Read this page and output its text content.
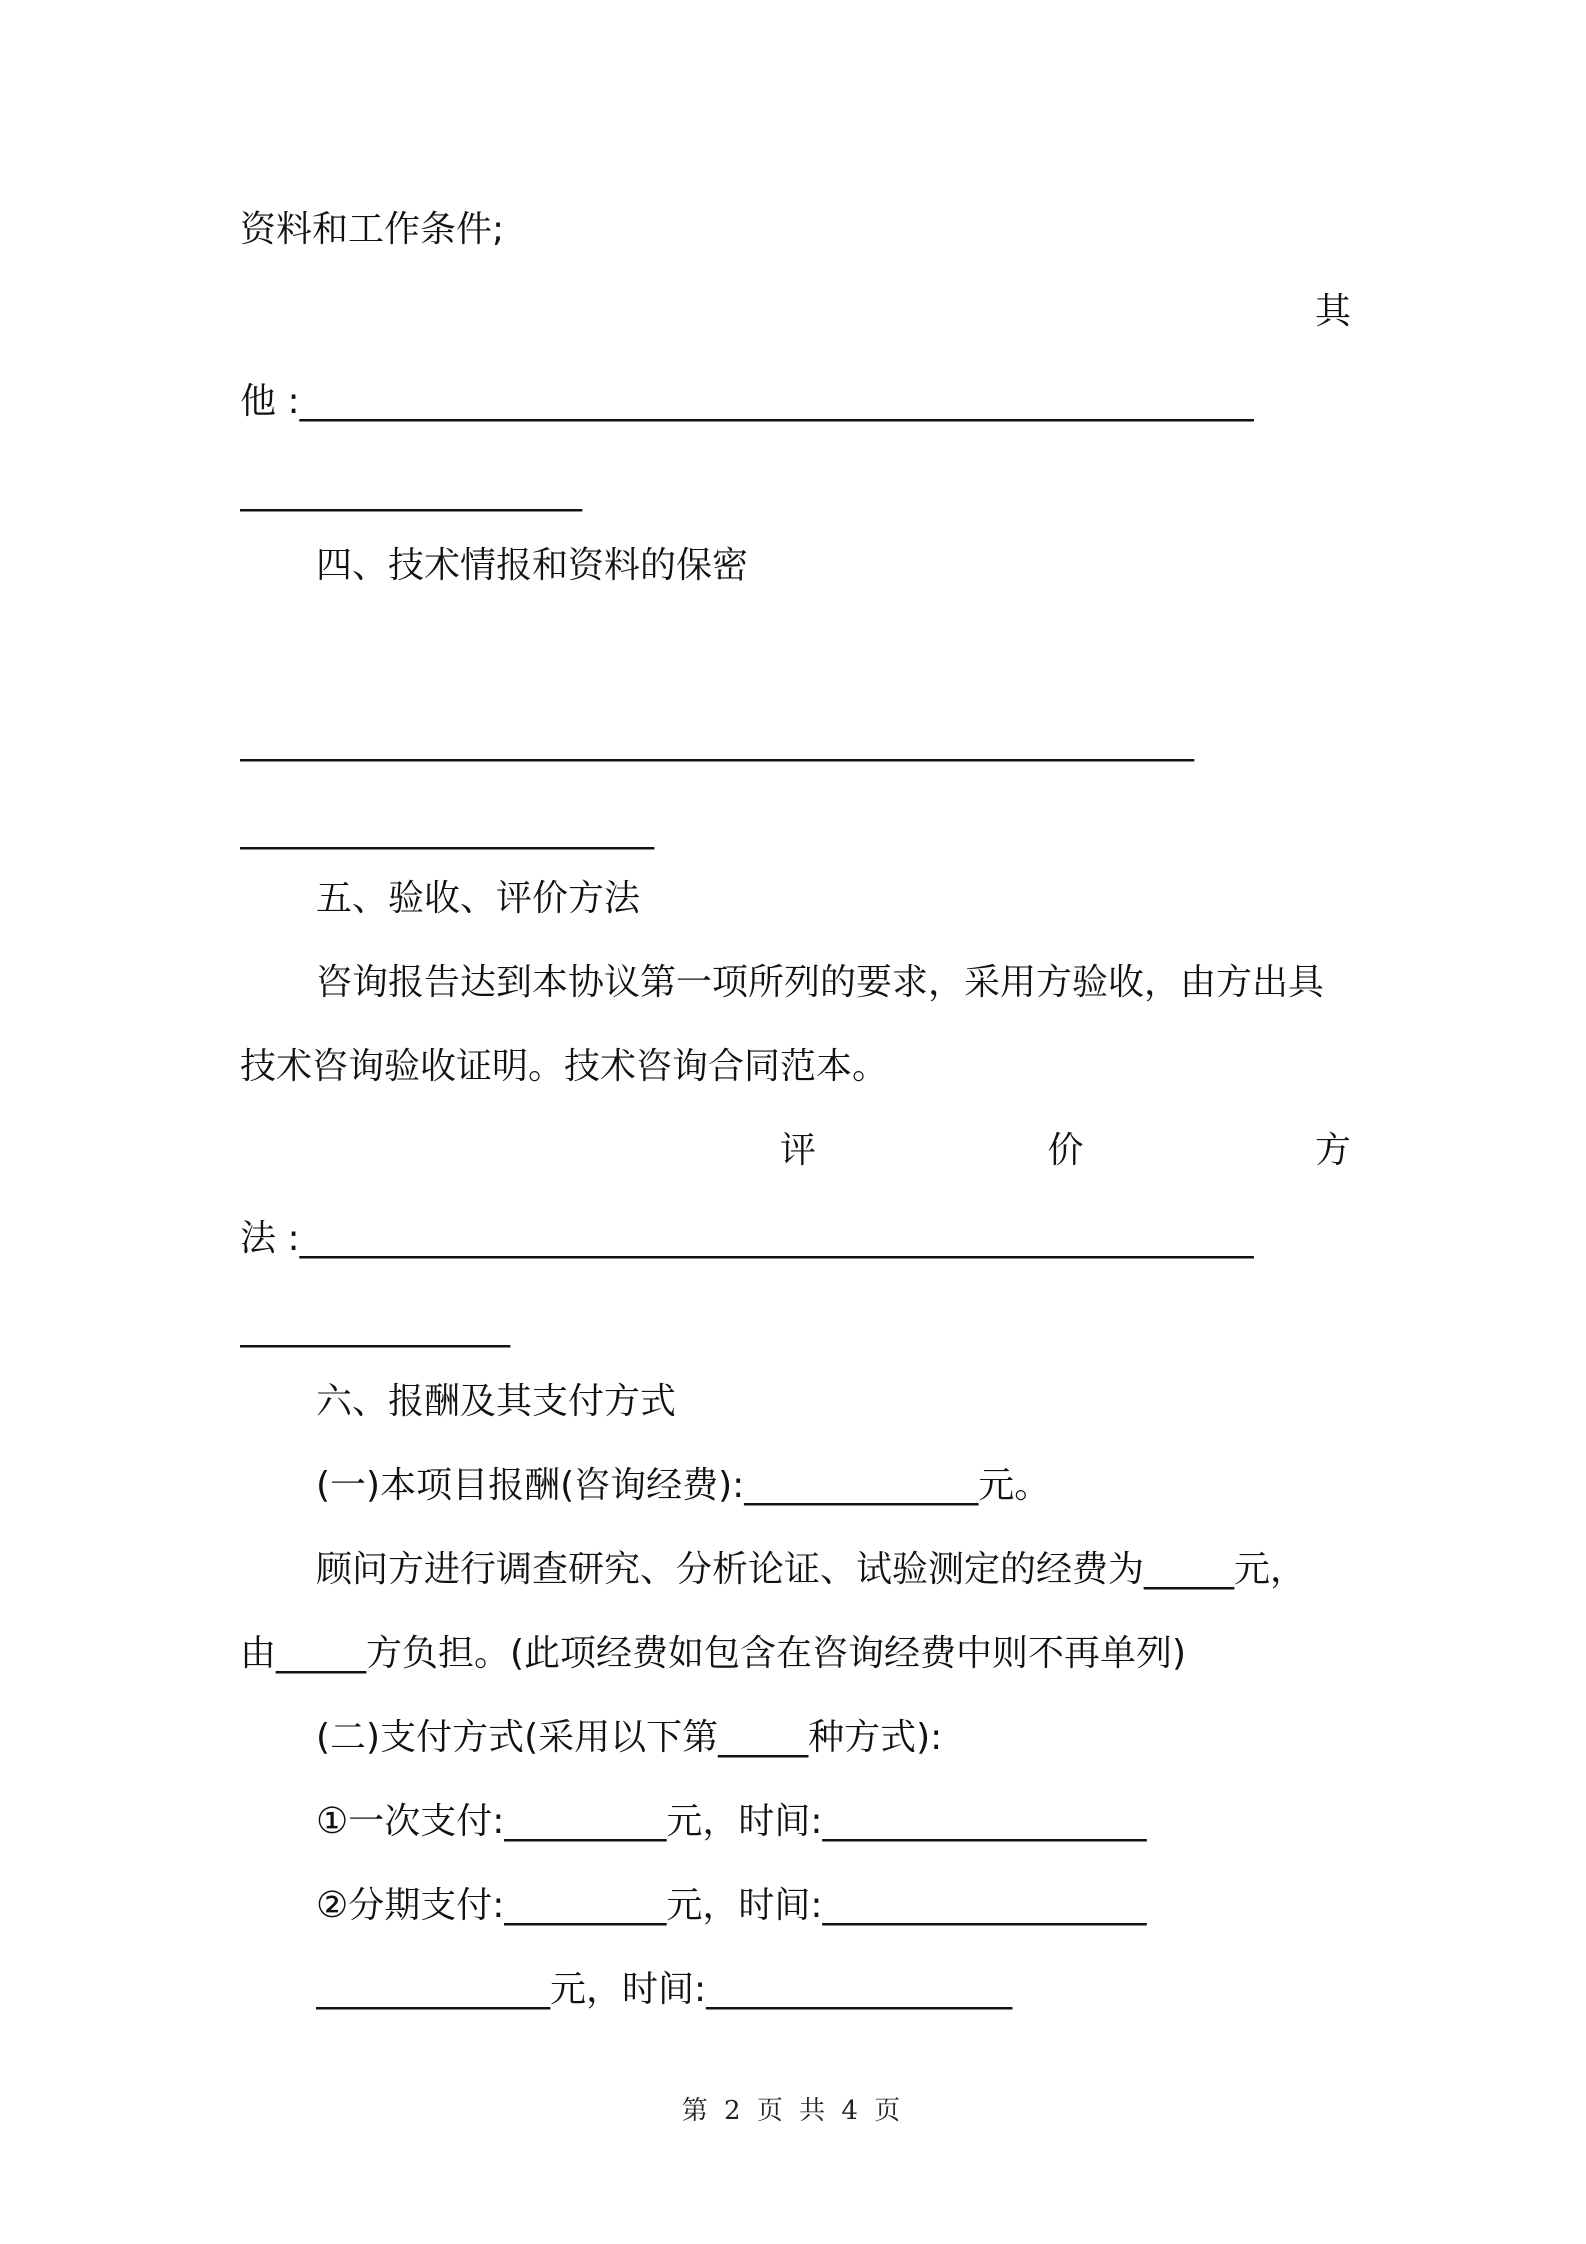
资料和工作条件;
其
他 :_____________________________________________________
___________________
四、技术情报和资料的保密
_____________________________________________________
_______________________
五、验收、评价方法
咨询报告达到本协议第一项所列的要求，采用方验收，由方出具
技术咨询验收证明。技术咨询合同范本。
评	价	方
法 :_____________________________________________________
_______________
六、报酬及其支付方式
(一)本项目报酬(咨询经费):_____________元。
顾问方进行调查研究、分析论证、试验测定的经费为_____元，
由_____方负担。(此项经费如包含在咨询经费中则不再单列)
(二)支付方式(采用以下第_____种方式):
①一次支付:_________元，时间:__________________
②分期支付:_________元，时间:__________________
_____________元，时间:_________________
第 2 页 共 4 页
